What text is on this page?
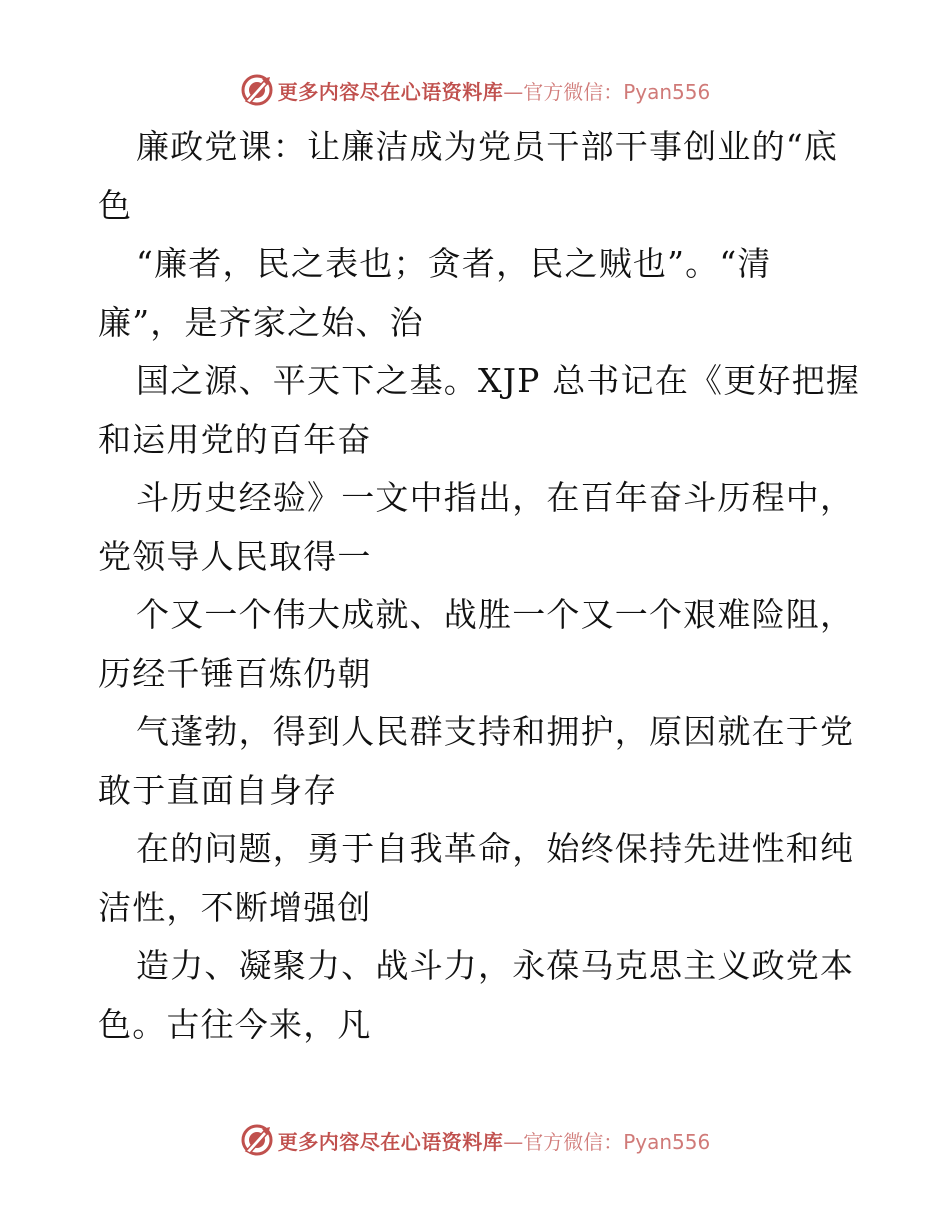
更多内容尽在心语资料库 —官方微信：Pyan556
廉政党课：让廉洁成为党员干部干事创业的“底
色
“廉者，民之表也；贪者，民之贼也”。“清
廉”，是齐家之始、治
国之源、平天下之基。XJP 总书记在《更好把握
和运用党的百年奋
斗历史经验》一文中指出，在百年奋斗历程中，
党领导人民取得一
个又一个伟大成就、战胜一个又一个艰难险阻，
历经千锤百炼仍朝
气蓬勃，得到人民群支持和拥护，原因就在于党
敢于直面自身存
在的问题，勇于自我革命，始终保持先进性和纯
洁性，不断增强创
造力、凝聚力、战斗力，永葆马克思主义政党本
色。古往今来，凡
更多内容尽在心语资料库 —官方微信：Pyan556
